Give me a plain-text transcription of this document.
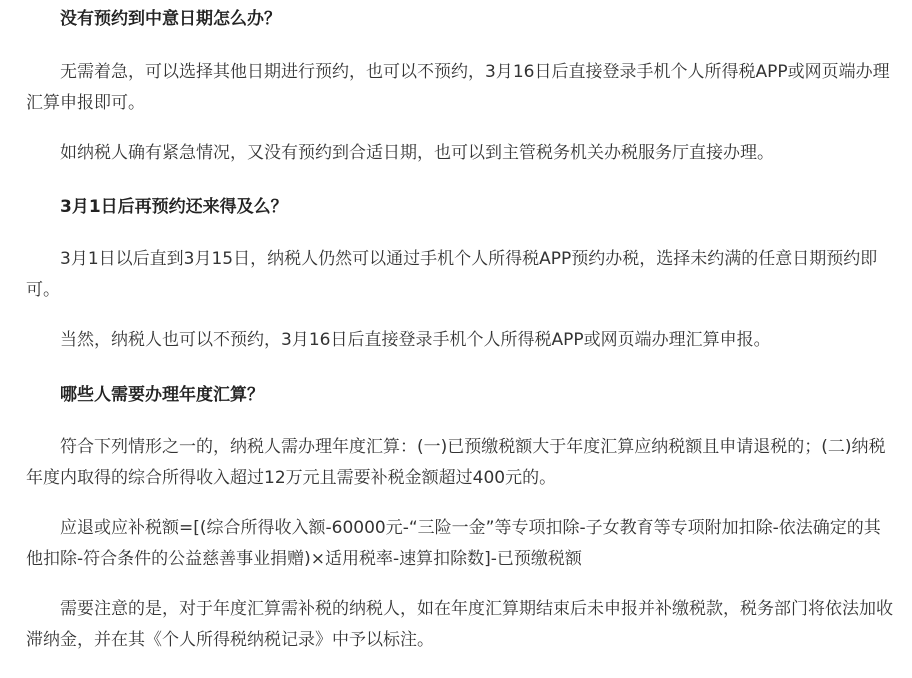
没有预约到中意日期怎么办？

无需着急，可以选择其他日期进行预约，也可以不预约，3月16日后直接登录手机个人所得税APP或网页端办理汇算申报即可。

如纳税人确有紧急情况，又没有预约到合适日期，也可以到主管税务机关办税服务厅直接办理。

3月1日后再预约还来得及么？

3月1日以后直到3月15日，纳税人仍然可以通过手机个人所得税APP预约办税，选择未约满的任意日期预约即可。

当然，纳税人也可以不预约，3月16日后直接登录手机个人所得税APP或网页端办理汇算申报。

哪些人需要办理年度汇算？

符合下列情形之一的，纳税人需办理年度汇算：(一)已预缴税额大于年度汇算应纳税额且申请退税的；(二)纳税年度内取得的综合所得收入超过12万元且需要补税金额超过400元的。

应退或应补税额=[(综合所得收入额-60000元-“三险一金”等专项扣除-子女教育等专项附加扣除-依法确定的其他扣除-符合条件的公益慈善事业捐赠)×适用税率-速算扣除数]-已预缴税额

需要注意的是，对于年度汇算需补税的纳税人，如在年度汇算期结束后未申报并补缴税款，税务部门将依法加收滞纳金，并在其《个人所得税纳税记录》中予以标注。
